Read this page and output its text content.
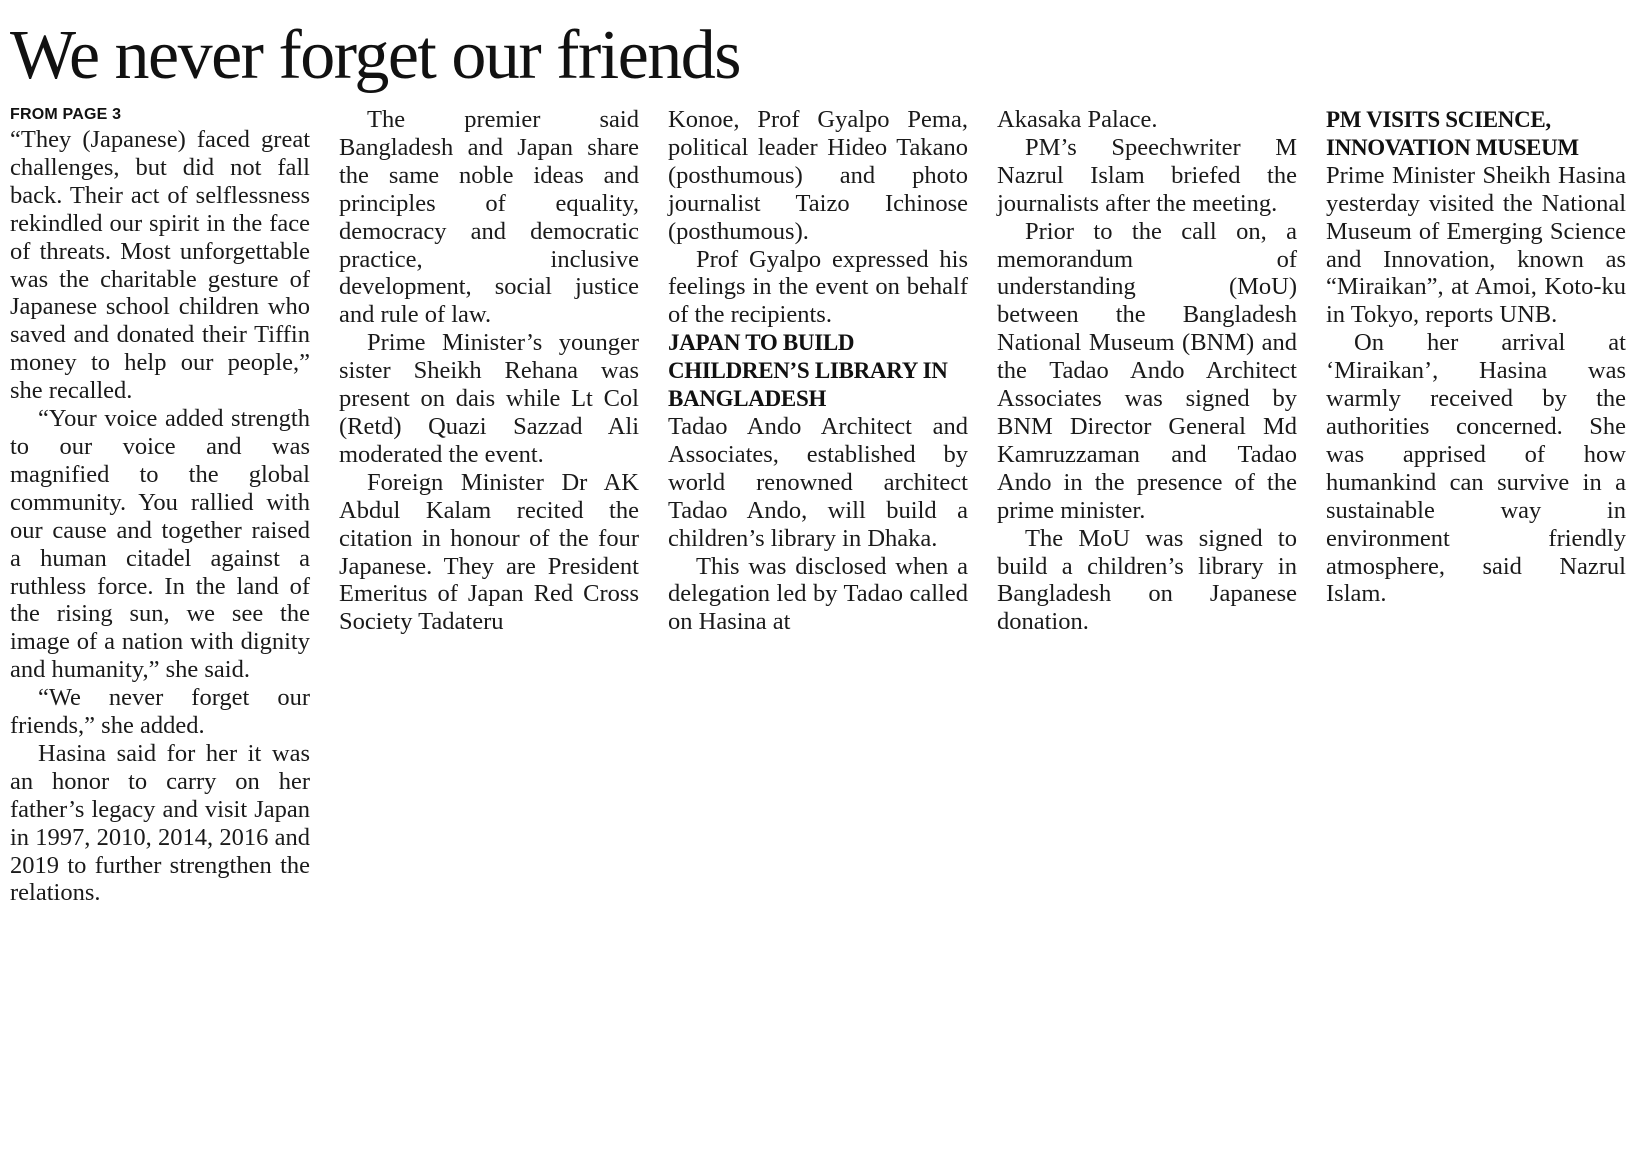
We never forget our friends
FROM PAGE 3

“They (Japanese) faced great challenges, but did not fall back. Their act of selflessness rekindled our spirit in the face of threats. Most unforgettable was the charitable gesture of Japanese school children who saved and donated their Tiffin money to help our people,” she recalled.

“Your voice added strength to our voice and was magnified to the global community. You rallied with our cause and together raised a human citadel against a ruthless force. In the land of the rising sun, we see the image of a nation with dignity and humanity,” she said.

“We never forget our friends,” she added.

Hasina said for her it was an honor to carry on her father’s legacy and visit Japan in 1997, 2010, 2014, 2016 and 2019 to further strengthen the relations.

The premier said Bangladesh and Japan share the same noble ideas and principles of equality, democracy and democratic practice, inclusive development, social justice and rule of law.

Prime Minister’s younger sister Sheikh Rehana was present on dais while Lt Col (Retd) Quazi Sazzad Ali moderated the event.

Foreign Minister Dr AK Abdul Kalam recited the citation in honour of the four Japanese. They are President Emeritus of Japan Red Cross Society Tadateru

Konoe, Prof Gyalpo Pema, political leader Hideo Takano (posthumous) and photo journalist Taizo Ichinose (posthumous).

Prof Gyalpo expressed his feelings in the event on behalf of the recipients.

JAPAN TO BUILD CHILDREN’S LIBRARY IN BANGLADESH

Tadao Ando Architect and Associates, established by world renowned architect Tadao Ando, will build a children’s library in Dhaka.

This was disclosed when a delegation led by Tadao called on Hasina at

Akasaka Palace.

PM’s Speechwriter M Nazrul Islam briefed the journalists after the meeting.

Prior to the call on, a memorandum of understanding (MoU) between the Bangladesh National Museum (BNM) and the Tadao Ando Architect Associates was signed by BNM Director General Md Kamruzzaman and Tadao Ando in the presence of the prime minister.

The MoU was signed to build a children’s library in Bangladesh on Japanese donation.

PM VISITS SCIENCE, INNOVATION MUSEUM

Prime Minister Sheikh Hasina yesterday visited the National Museum of Emerging Science and Innovation, known as “Miraikan”, at Amoi, Koto-ku in Tokyo, reports UNB.

On her arrival at ‘Miraikan’, Hasina was warmly received by the authorities concerned. She was apprised of how humankind can survive in a sustainable way in environment friendly atmosphere, said Nazrul Islam.
